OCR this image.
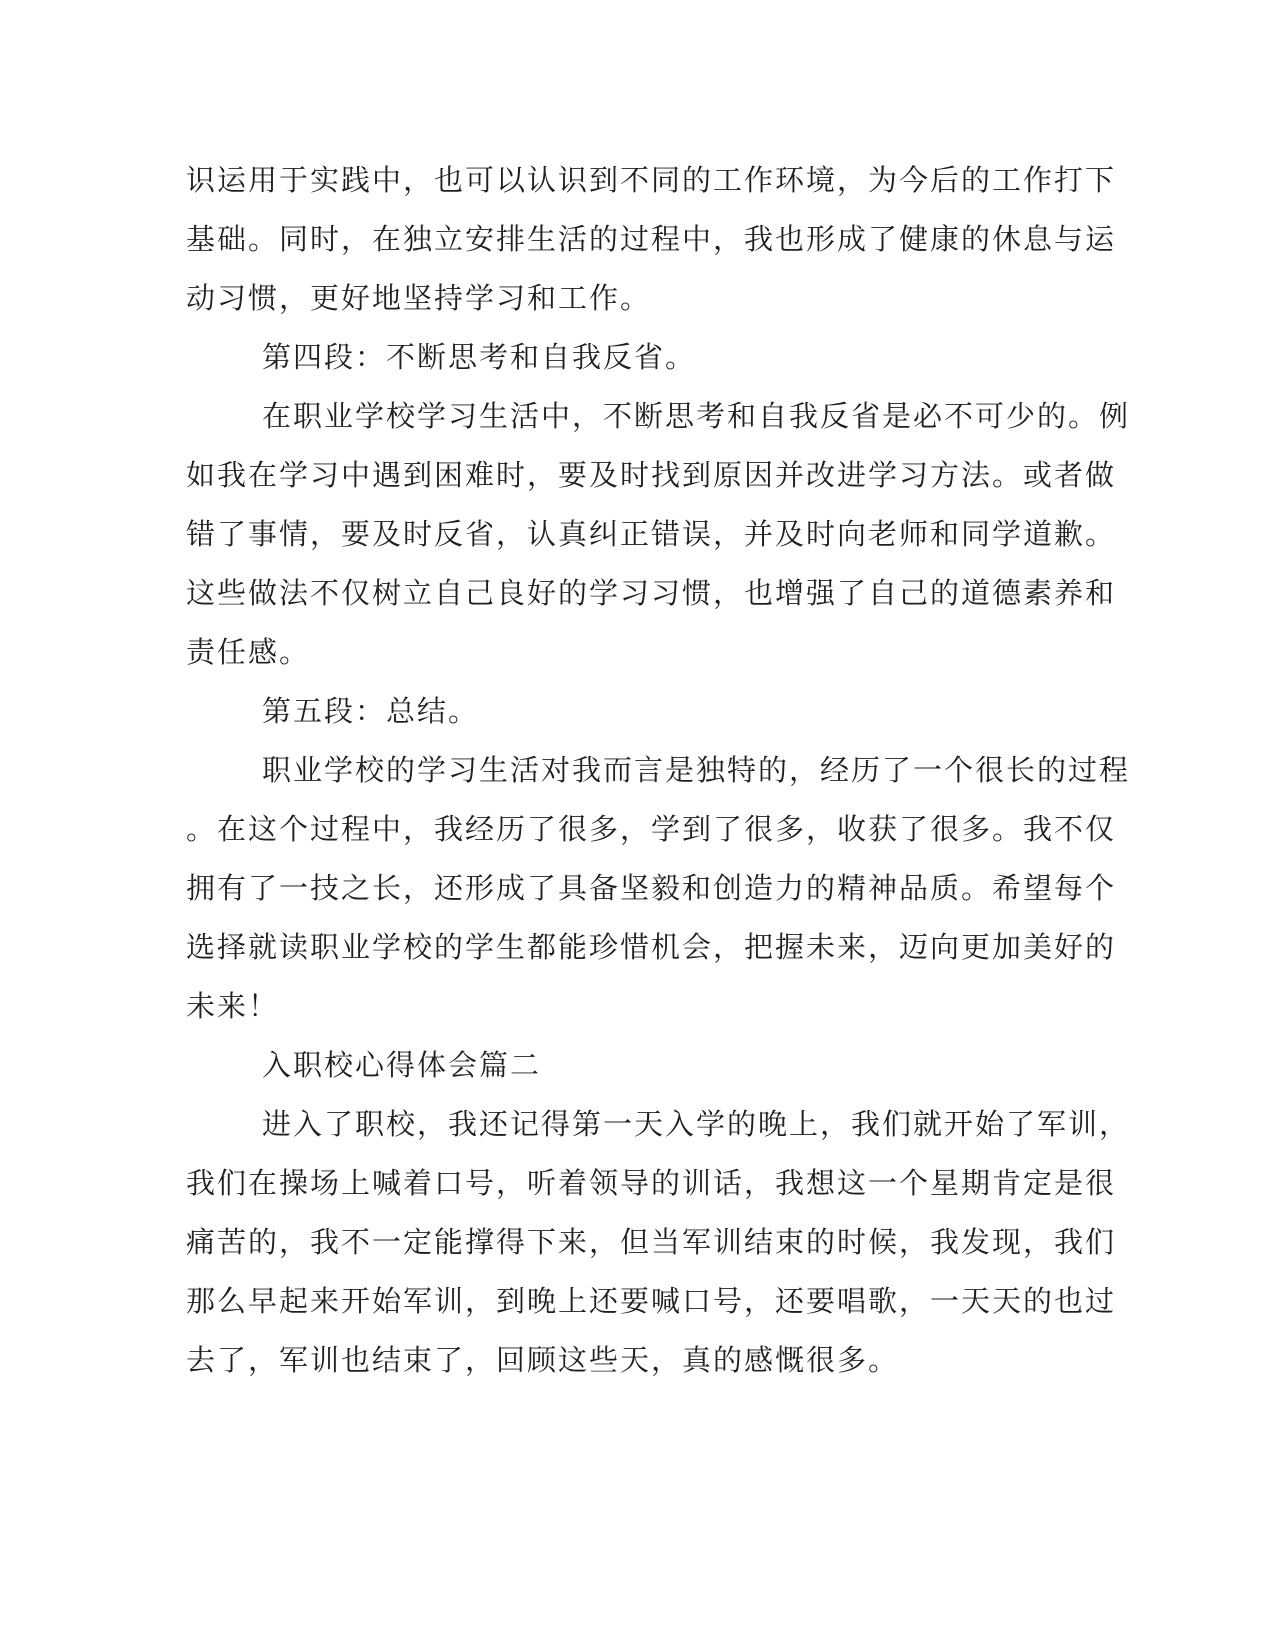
识运用于实践中，也可以认识到不同的工作环境，为今后的工作打下
基础。同时，在独立安排生活的过程中，我也形成了健康的休息与运
动习惯，更好地坚持学习和工作。
第四段：不断思考和自我反省。
在职业学校学习生活中，不断思考和自我反省是必不可少的。例
如我在学习中遇到困难时，要及时找到原因并改进学习方法。或者做
错了事情，要及时反省，认真纠正错误，并及时向老师和同学道歉。
这些做法不仅树立自己良好的学习习惯，也增强了自己的道德素养和
责任感。
第五段：总结。
职业学校的学习生活对我而言是独特的，经历了一个很长的过程
。在这个过程中，我经历了很多，学到了很多，收获了很多。我不仅
拥有了一技之长，还形成了具备坚毅和创造力的精神品质。希望每个
选择就读职业学校的学生都能珍惜机会，把握未来，迈向更加美好的
未来！
入职校心得体会篇二
进入了职校，我还记得第一天入学的晚上，我们就开始了军训，
我们在操场上喊着口号，听着领导的训话，我想这一个星期肯定是很
痛苦的，我不一定能撑得下来，但当军训结束的时候，我发现，我们
那么早起来开始军训，到晚上还要喊口号，还要唱歌，一天天的也过
去了，军训也结束了，回顾这些天，真的感慨很多。
